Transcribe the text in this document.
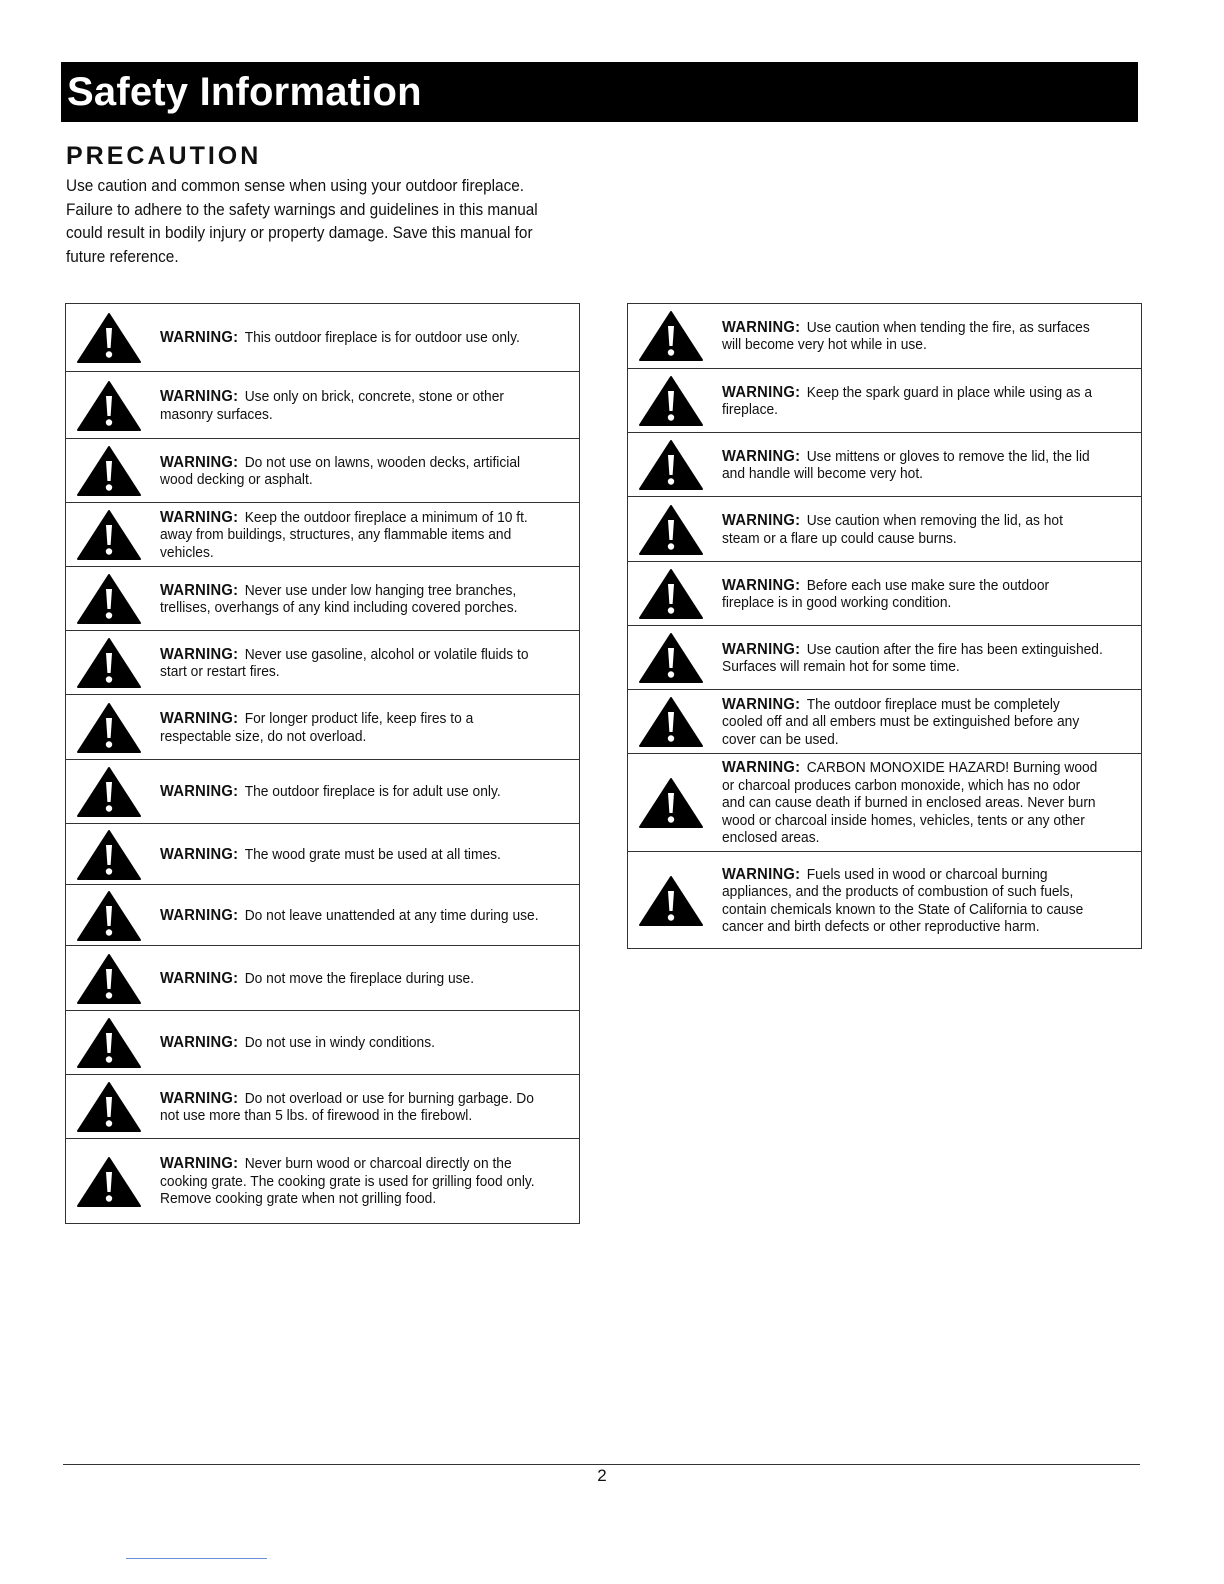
Safety Information
PRECAUTION

Use caution and common sense when using your outdoor fireplace. Failure to adhere to the safety warnings and guidelines in this manual could result in bodily injury or property damage. Save this manual for future reference.

WARNING: This outdoor fireplace is for outdoor use only.
WARNING: Use only on brick, concrete, stone or other masonry surfaces.
WARNING: Do not use on lawns, wooden decks, artificial wood decking or asphalt.
WARNING: Keep the outdoor fireplace a minimum of 10 ft. away from buildings, structures, any flammable items and vehicles.
WARNING: Never use under low hanging tree branches, trellises, overhangs of any kind including covered porches.
WARNING: Never use gasoline, alcohol or volatile fluids to start or restart fires.
WARNING: For longer product life, keep fires to a respectable size, do not overload.
WARNING: The outdoor fireplace is for adult use only.
WARNING: The wood grate must be used at all times.
WARNING: Do not leave unattended at any time during use.
WARNING: Do not move the fireplace during use.
WARNING: Do not use in windy conditions.
WARNING: Do not overload or use for burning garbage. Do not use more than 5 lbs. of firewood in the firebowl.
WARNING: Never burn wood or charcoal directly on the cooking grate. The cooking grate is used for grilling food only. Remove cooking grate when not grilling food.
WARNING: Use caution when tending the fire, as surfaces will become very hot while in use.
WARNING: Keep the spark guard in place while using as a fireplace.
WARNING: Use mittens or gloves to remove the lid, the lid and handle will become very hot.
WARNING: Use caution when removing the lid, as hot steam or a flare up could cause burns.
WARNING: Before each use make sure the outdoor fireplace is in good working condition.
WARNING: Use caution after the fire has been extinguished. Surfaces will remain hot for some time.
WARNING: The outdoor fireplace must be completely cooled off and all embers must be extinguished before any cover can be used.
WARNING: CARBON MONOXIDE HAZARD! Burning wood or charcoal produces carbon monoxide, which has no odor and can cause death if burned in enclosed areas. Never burn wood or charcoal inside homes, vehicles, tents or any other enclosed areas.
WARNING: Fuels used in wood or charcoal burning appliances, and the products of combustion of such fuels, contain chemicals known to the State of California to cause cancer and birth defects or other reproductive harm.
2
